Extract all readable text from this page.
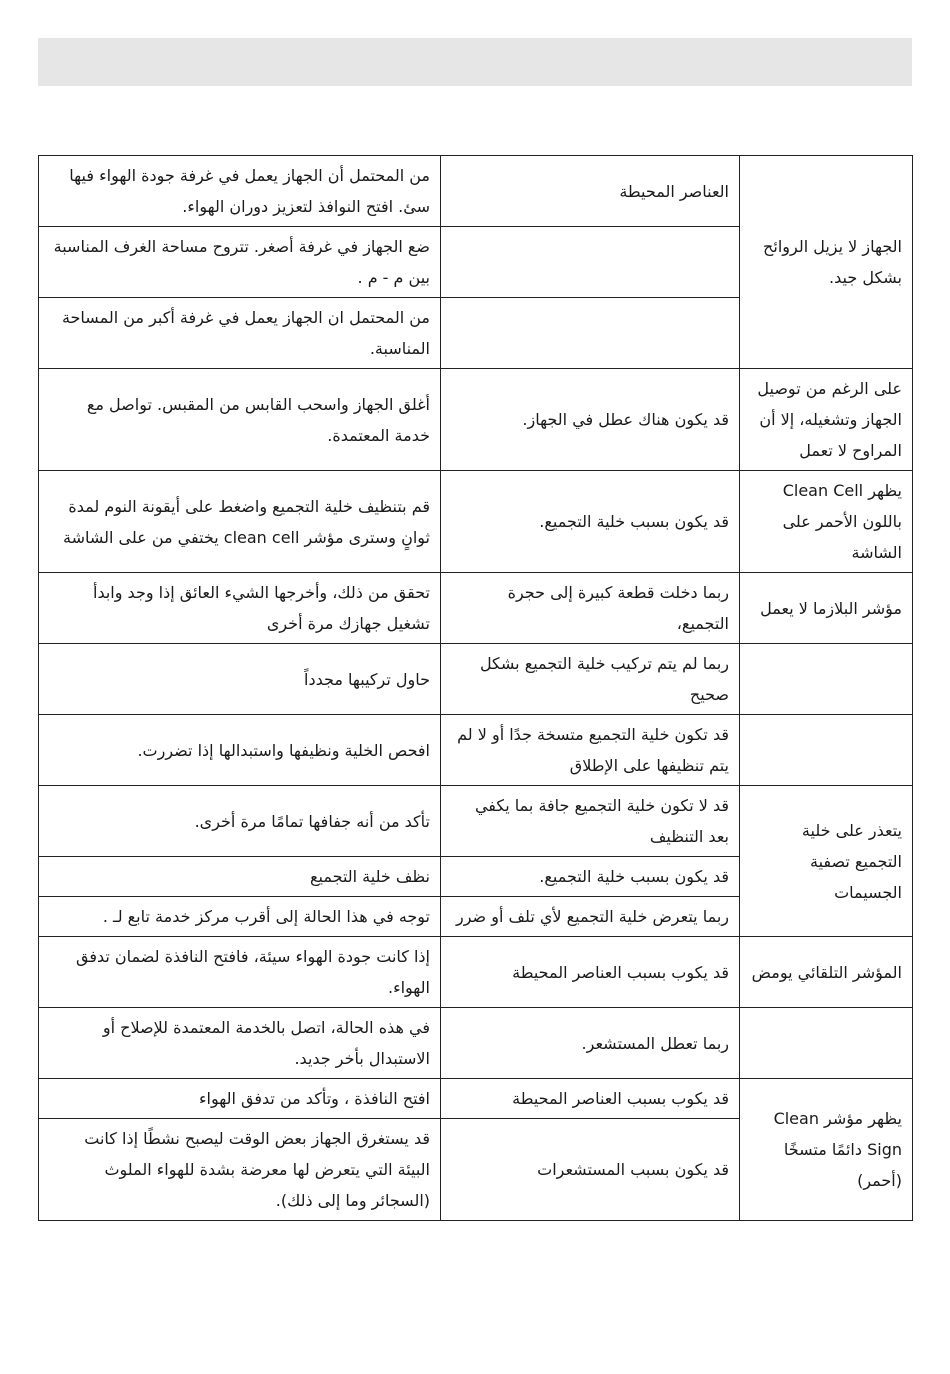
الجهاز لا يزيل الروائح بشكل جيد.	العناصر المحيطة	من المحتمل أن الجهاز يعمل في غرفة جودة الهواء فيها سئ. افتح النوافذ لتعزيز دوران الهواء.
		ضع الجهاز في غرفة أصغر. تتروح مساحة الغرف المناسبة بين م - م .
		من المحتمل ان الجهاز يعمل في غرفة أكبر من المساحة المناسبة.
على الرغم من توصيل الجهاز وتشغيله، إلا أن المراوح لا تعمل	قد يكون هناك عطل في الجهاز.	أغلق الجهاز واسحب القابس من المقبس. تواصل مع خدمة المعتمدة.
يظهر Clean Cell باللون الأحمر على الشاشة	قد يكون بسبب خلية التجميع.	قم بتنظيف خلية التجميع واضغط على أيقونة النوم لمدة ثوانٍ وسترى مؤشر clean cell يختفي من على الشاشة
مؤشر البلازما لا يعمل	ربما دخلت قطعة كبيرة إلى حجرة التجميع،	تحقق من ذلك، وأخرجها الشيء العائق إذا وجد وابدأ تشغيل جهازك مرة أخرى
	ربما لم يتم تركيب خلية التجميع بشكل صحيح	حاول تركيبها مجدداً
	قد تكون خلية التجميع متسخة جدًا أو لا لم يتم تنظيفها على الإطلاق	افحص الخلية ونظيفها واستبدالها إذا تضررت.
يتعذر على خلية التجميع تصفية الجسيمات	قد لا تكون خلية التجميع جافة بما يكفي بعد التنظيف	تأكد من أنه جفافها تمامًا مرة أخرى.
	قد يكون بسبب خلية التجميع.	نظف خلية التجميع
	ربما يتعرض خلية التجميع لأي تلف أو ضرر	توجه في هذا الحالة إلى أقرب مركز خدمة تابع لـ .
المؤشر التلقائي يومض	قد يكوب بسبب العناصر المحيطة	إذا كانت جودة الهواء سيئة، فافتح النافذة لضمان تدفق الهواء.
	ربما تعطل المستشعر.	في هذه الحالة، اتصل بالخدمة المعتمدة للإصلاح أو الاستبدال بأخر جديد.
يظهر مؤشر Clean Sign دائمًا متسخًا (أحمر)	قد يكوب بسبب العناصر المحيطة	افتح النافذة ، وتأكد من تدفق الهواء
	قد يكون بسبب المستشعرات	قد يستغرق الجهاز بعض الوقت ليصبح نشطًا إذا كانت البيئة التي يتعرض لها معرضة بشدة للهواء الملوث (السجائر وما إلى ذلك).
